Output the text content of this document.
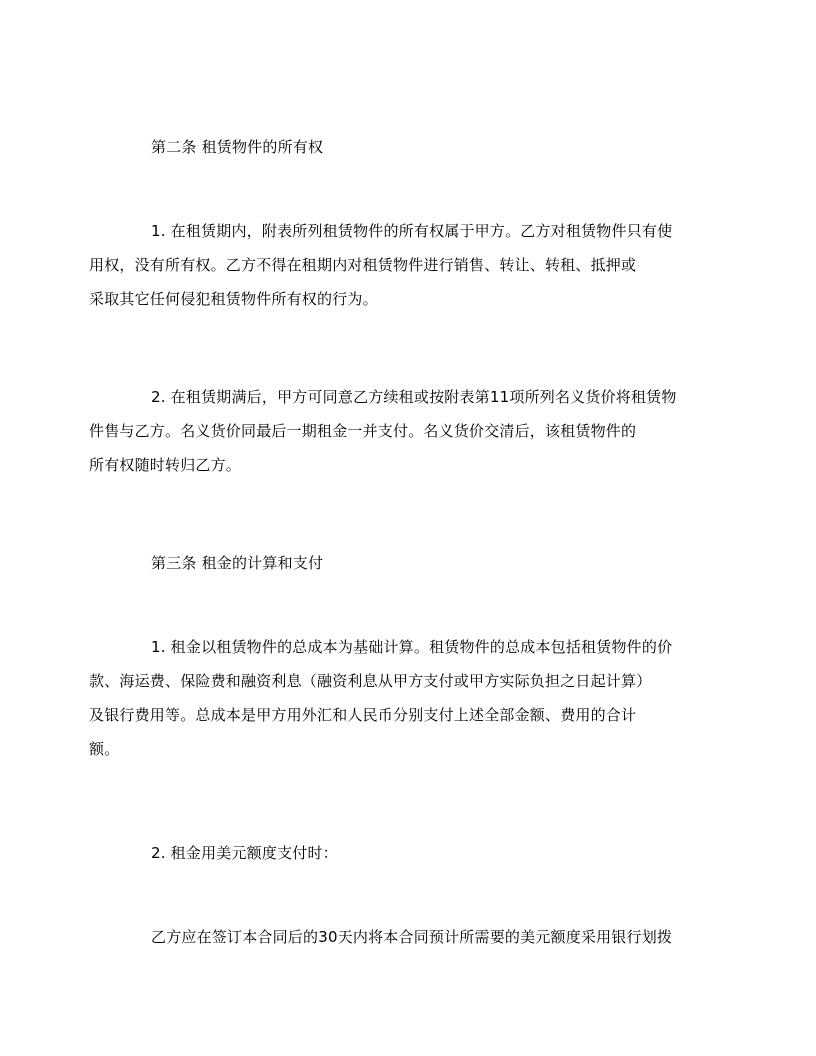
第二条 租赁物件的所有权
1. 在租赁期内，附表所列租赁物件的所有权属于甲方。乙方对租赁物件只有使
用权，没有所有权。乙方不得在租期内对租赁物件进行销售、转让、转租、抵押或
采取其它任何侵犯租赁物件所有权的行为。
2. 在租赁期满后，甲方可同意乙方续租或按附表第11项所列名义货价将租赁物
件售与乙方。名义货价同最后一期租金一并支付。名义货价交清后，该租赁物件的
所有权随时转归乙方。
第三条 租金的计算和支付
1. 租金以租赁物件的总成本为基础计算。租赁物件的总成本包括租赁物件的价
款、海运费、保险费和融资利息（融资利息从甲方支付或甲方实际负担之日起计算）
及银行费用等。总成本是甲方用外汇和人民币分别支付上述全部金额、费用的合计
额。
2. 租金用美元额度支付时：
乙方应在签订本合同后的30天内将本合同预计所需要的美元额度采用银行划拨
